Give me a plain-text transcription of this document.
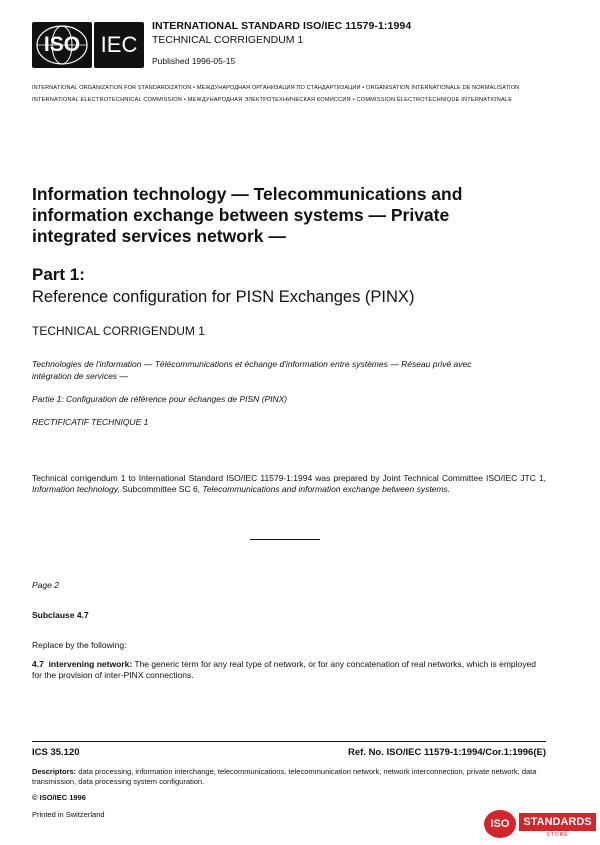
ISO IEC
INTERNATIONAL STANDARD ISO/IEC 11579-1:1994
TECHNICAL CORRIGENDUM 1
Published 1996-05-15
INTERNATIONAL ORGANIZATION FOR STANDARDIZATION • МЕЖДУНАРОДНАЯ ОРГАНИЗАЦИЯ ПО СТАНДАРТИЗАЦИИ • ORGANISATION INTERNATIONALE DE NORMALISATION
INTERNATIONAL ELECTROTECHNICAL COMMISSION • МЕЖДУНАРОДНАЯ ЭЛЕКТРОТЕХНИЧЕСКАЯ КОМИССИЯ • COMMISSION ÉLECTROTECHNIQUE INTERNATIONALE
Information technology — Telecommunications and
information exchange between systems — Private
integrated services network —
Part 1:
Reference configuration for PISN Exchanges (PINX)
TECHNICAL CORRIGENDUM 1
Technologies de l'information — Télécommunications et échange d'information entre systèmes — Réseau privé avec
intégration de services —
Partie 1: Configuration de référence pour échanges de PISN (PINX)
RECTIFICATIF TECHNIQUE 1
Technical corrigendum 1 to International Standard ISO/IEC 11579-1:1994 was prepared by Joint Technical Committee ISO/IEC JTC 1, Information technology, Subcommittee SC 6, Telecommunications and information exchange between systems.
Page 2
Subclause 4.7
Replace by the following:
4.7 intervening network: The generic term for any real type of network, or for any concatenation of real networks, which is employed for the provision of inter-PINX connections.
ICS 35.120	Ref. No. ISO/IEC 11579-1:1994/Cor.1:1996(E)
Descriptors: data processing, information interchange, telecommunications, telecommunication network, network interconnection, private network, data transmission, data processing system configuration.
© ISO/IEC 1996
Printed in Switzerland
ISO	STANDARDS
STORE
